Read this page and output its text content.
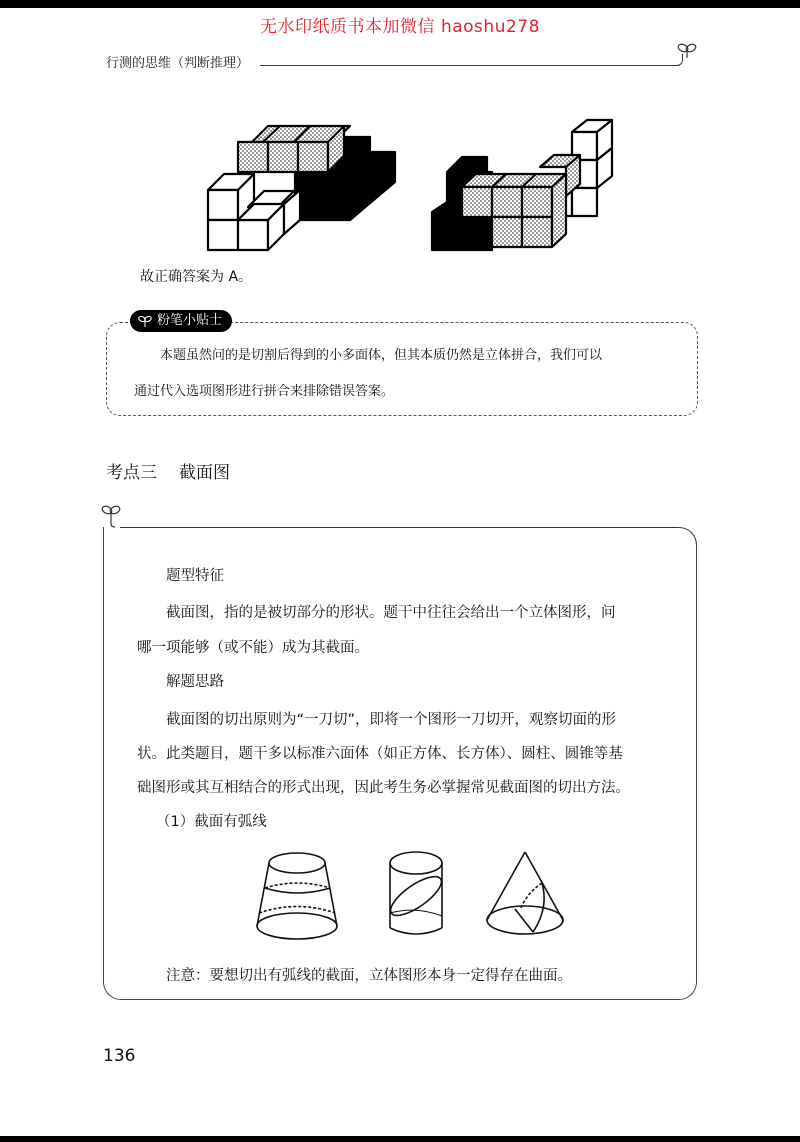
无水印纸质书本加微信 haoshu278
行测的思维（判断推理）
故正确答案为 A。
粉笔小贴士
本题虽然问的是切割后得到的小多面体，但其本质仍然是立体拼合，我们可以
通过代入选项图形进行拼合来排除错误答案。
考点三 截面图
题型特征
截面图，指的是被切部分的形状。题干中往往会给出一个立体图形，问
哪一项能够（或不能）成为其截面。
解题思路
截面图的切出原则为“一刀切”，即将一个图形一刀切开，观察切面的形
状。此类题目，题干多以标准六面体（如正方体、长方体）、圆柱、圆锥等基
础图形或其互相结合的形式出现，因此考生务必掌握常见截面图的切出方法。
（1）截面有弧线
注意：要想切出有弧线的截面，立体图形本身一定得存在曲面。
136
